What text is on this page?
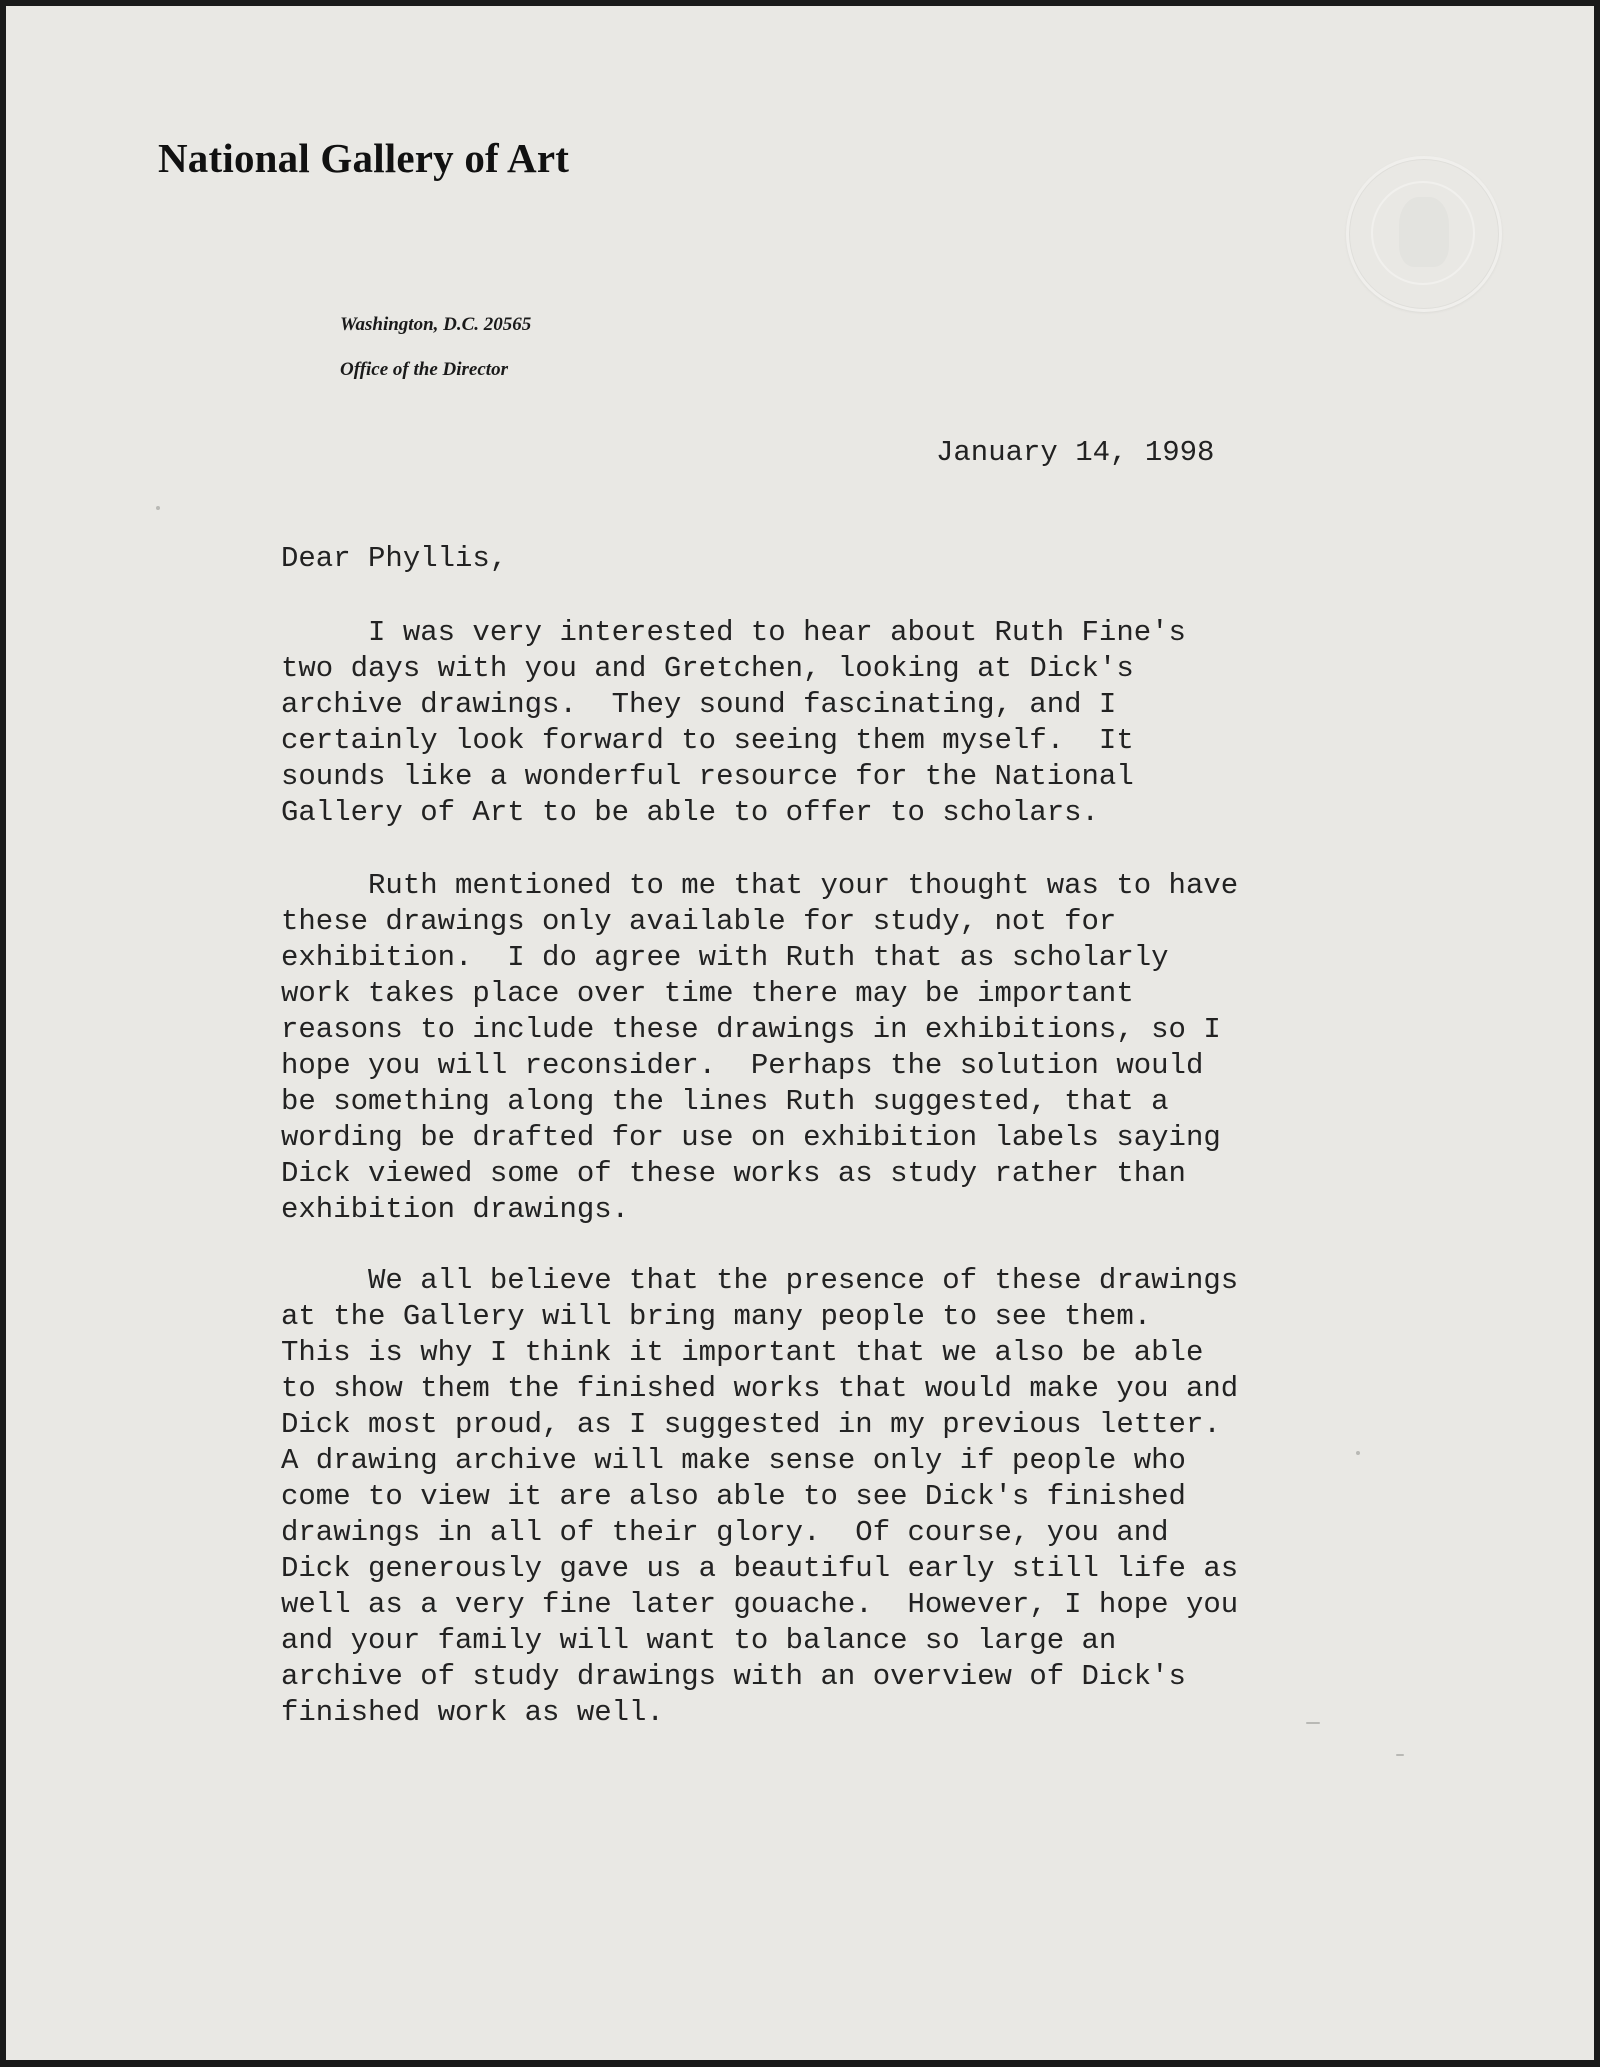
National Gallery of Art
Washington, D.C. 20565
Office of the Director
January 14, 1998
Dear Phyllis,

I was very interested to hear about Ruth Fine's
two days with you and Gretchen, looking at Dick's
archive drawings.  They sound fascinating, and I
certainly look forward to seeing them myself.  It
sounds like a wonderful resource for the National
Gallery of Art to be able to offer to scholars.

Ruth mentioned to me that your thought was to have
these drawings only available for study, not for
exhibition.  I do agree with Ruth that as scholarly
work takes place over time there may be important
reasons to include these drawings in exhibitions, so I
hope you will reconsider.  Perhaps the solution would
be something along the lines Ruth suggested, that a
wording be drafted for use on exhibition labels saying
Dick viewed some of these works as study rather than
exhibition drawings.

We all believe that the presence of these drawings
at the Gallery will bring many people to see them.
This is why I think it important that we also be able
to show them the finished works that would make you and
Dick most proud, as I suggested in my previous letter.
A drawing archive will make sense only if people who
come to view it are also able to see Dick's finished
drawings in all of their glory.  Of course, you and
Dick generously gave us a beautiful early still life as
well as a very fine later gouache.  However, I hope you
and your family will want to balance so large an
archive of study drawings with an overview of Dick's
finished work as well.
